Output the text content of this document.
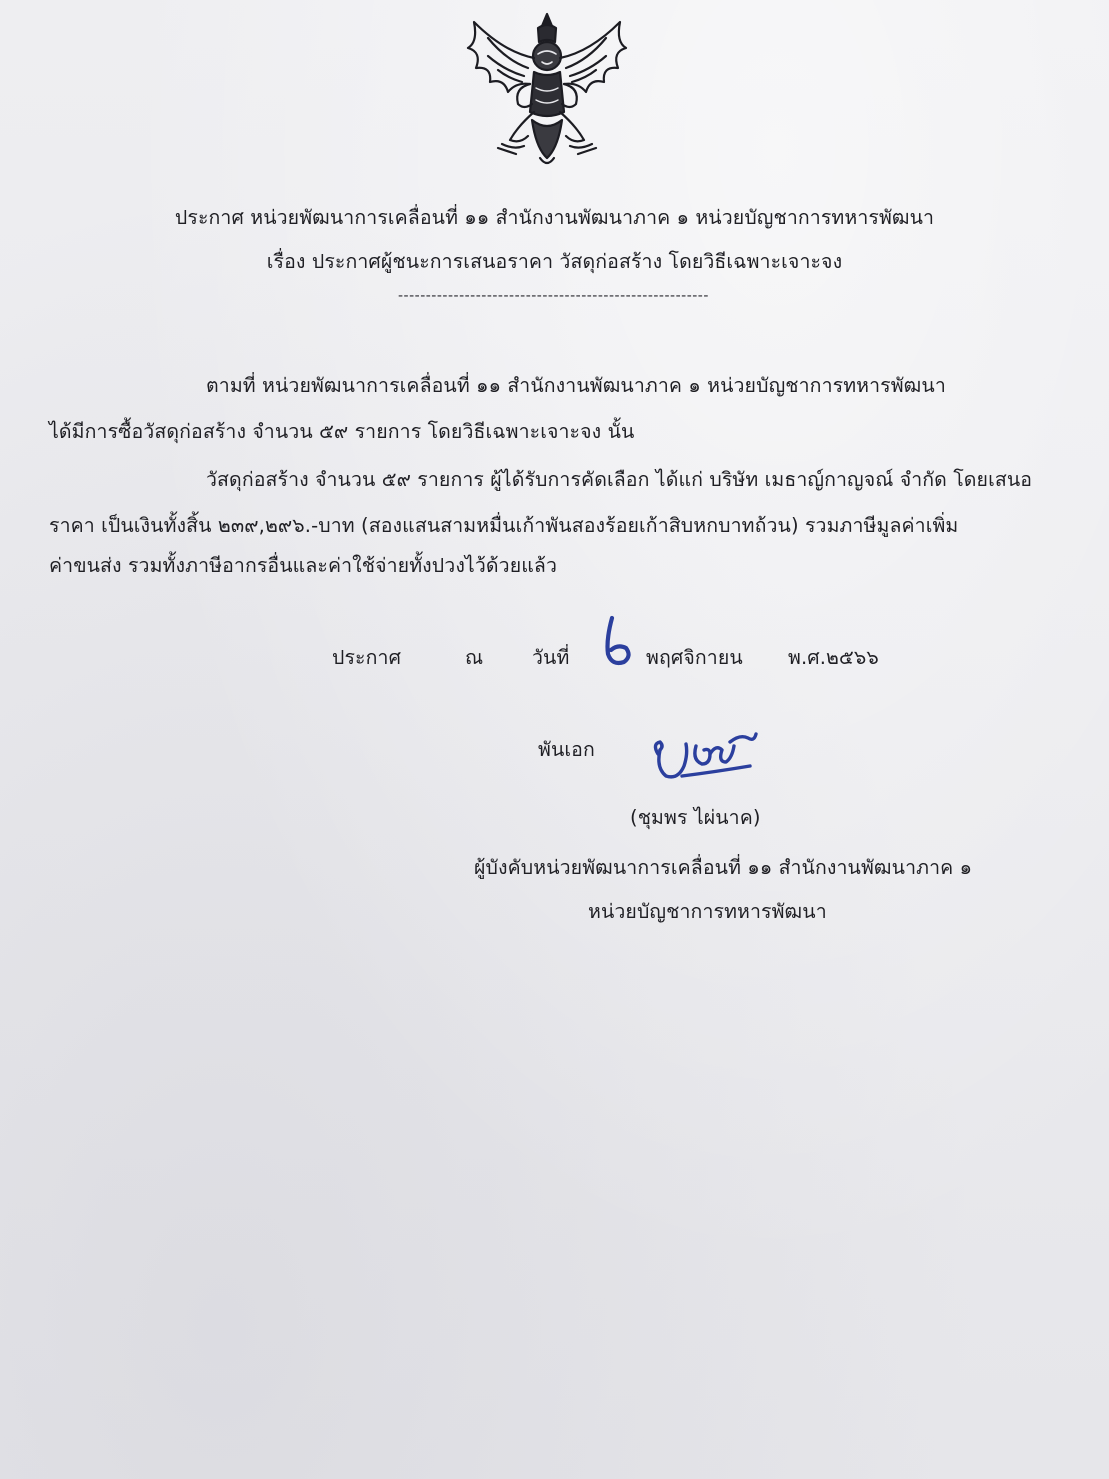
ประกาศ หน่วยพัฒนาการเคลื่อนที่ ๑๑ สำนักงานพัฒนาภาค ๑ หน่วยบัญชาการทหารพัฒนา
เรื่อง ประกาศผู้ชนะการเสนอราคา วัสดุก่อสร้าง โดยวิธีเฉพาะเจาะจง
--------------------------------------------------------
ตามที่ หน่วยพัฒนาการเคลื่อนที่ ๑๑ สำนักงานพัฒนาภาค ๑ หน่วยบัญชาการทหารพัฒนา
ได้มีการซื้อวัสดุก่อสร้าง จำนวน ๕๙ รายการ โดยวิธีเฉพาะเจาะจง นั้น
วัสดุก่อสร้าง จำนวน ๕๙ รายการ ผู้ได้รับการคัดเลือก ได้แก่ บริษัท เมธาญ์กาญจณ์ จำกัด โดยเสนอ
ราคา เป็นเงินทั้งสิ้น ๒๓๙,๒๙๖.-บาท (สองแสนสามหมื่นเก้าพันสองร้อยเก้าสิบหกบาทถ้วน) รวมภาษีมูลค่าเพิ่ม
ค่าขนส่ง รวมทั้งภาษีอากรอื่นและค่าใช้จ่ายทั้งปวงไว้ด้วยแล้ว
ประกาศ	ณ	วันที่	พฤศจิกายน พ.ศ.๒๕๖๖
พันเอก
(ชุมพร ไผ่นาค)
ผู้บังคับหน่วยพัฒนาการเคลื่อนที่ ๑๑ สำนักงานพัฒนาภาค ๑
หน่วยบัญชาการทหารพัฒนา
